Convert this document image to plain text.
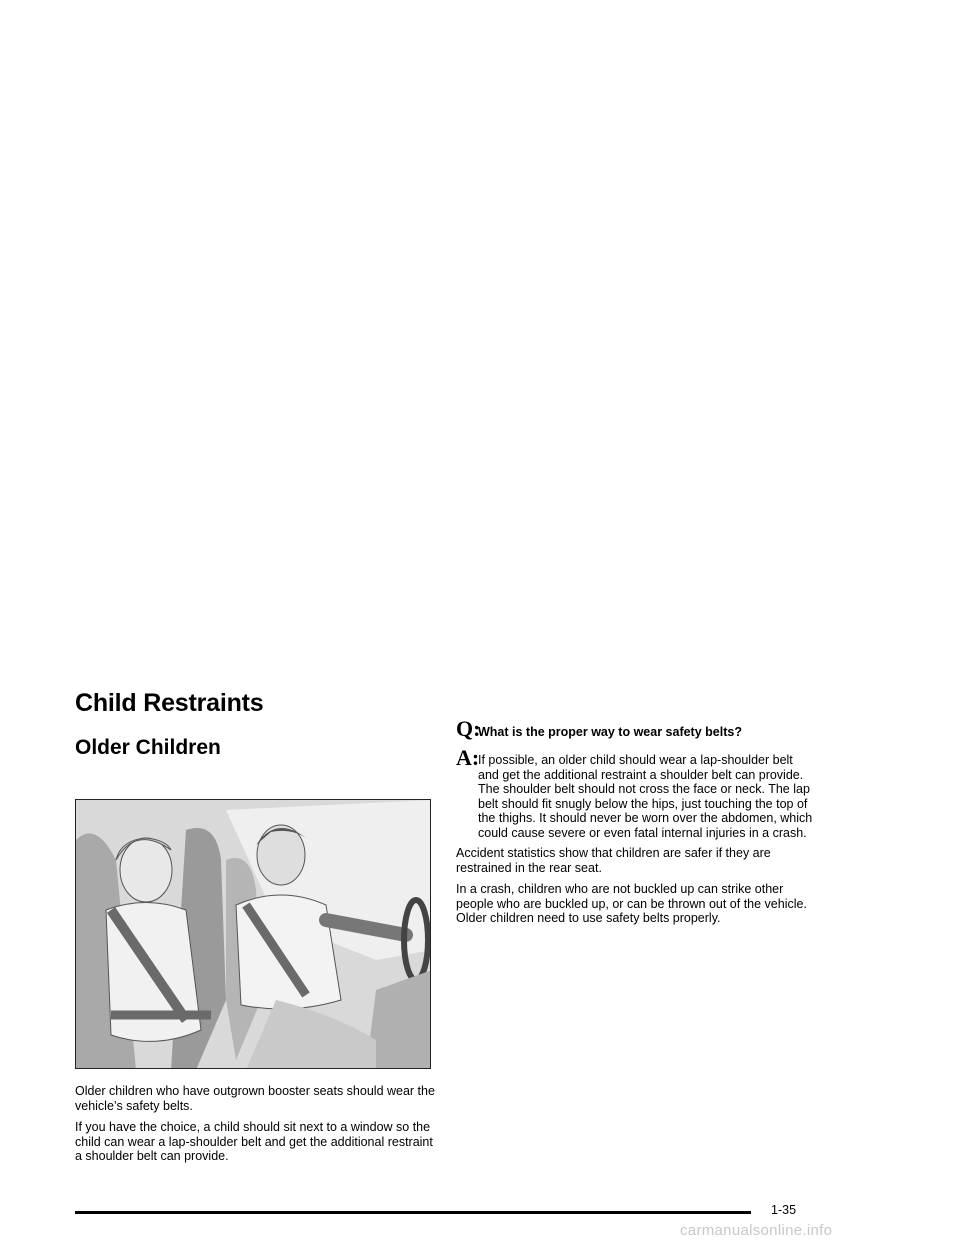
Child Restraints
Older Children

Older children who have outgrown booster seats should wear the vehicle’s safety belts.

If you have the choice, a child should sit next to a window so the child can wear a lap-shoulder belt and get the additional restraint a shoulder belt can provide.

Q:
What is the proper way to wear safety belts?
A:
If possible, an older child should wear a lap-shoulder belt and get the additional restraint a shoulder belt can provide. The shoulder belt should not cross the face or neck. The lap belt should fit snugly below the hips, just touching the top of the thighs. It should never be worn over the abdomen, which could cause severe or even fatal internal injuries in a crash.

Accident statistics show that children are safer if they are restrained in the rear seat.

In a crash, children who are not buckled up can strike other people who are buckled up, or can be thrown out of the vehicle. Older children need to use safety belts properly.

1-35
carmanualsonline.info
